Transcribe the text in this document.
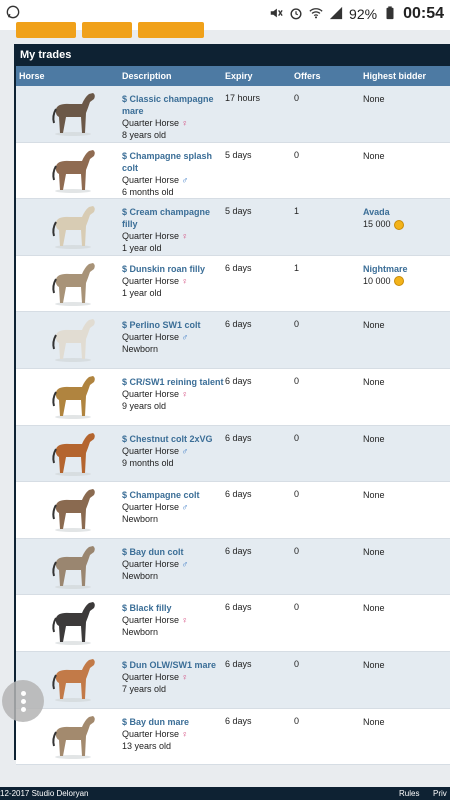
92% 00:54
My trades
Horse	Description	Expiry	Offers	Highest bidder
$ Classic champagne mare
Quarter Horse ♀
8 years old
17 hours	0	None
$ Champagne splash colt
Quarter Horse ♂
6 months old
5 days	0	None
$ Cream champagne filly
Quarter Horse ♀
1 year old
5 days	1	Avada
15 000
$ Dunskin roan filly
Quarter Horse ♀
1 year old
6 days	1	Nightmare
10 000
$ Perlino SW1 colt
Quarter Horse ♂
Newborn
6 days	0	None
$ CR/SW1 reining talent
Quarter Horse ♀
9 years old
6 days	0	None
$ Chestnut colt 2xVG
Quarter Horse ♂
9 months old
6 days	0	None
$ Champagne colt
Quarter Horse ♂
Newborn
6 days	0	None
$ Bay dun colt
Quarter Horse ♂
Newborn
6 days	0	None
$ Black filly
Quarter Horse ♀
Newborn
6 days	0	None
$ Dun OLW/SW1 mare
Quarter Horse ♀
7 years old
6 days	0	None
$ Bay dun mare
Quarter Horse ♀
13 years old
6 days	0	None
12-2017 Studio Deloryan	Rules Priv
